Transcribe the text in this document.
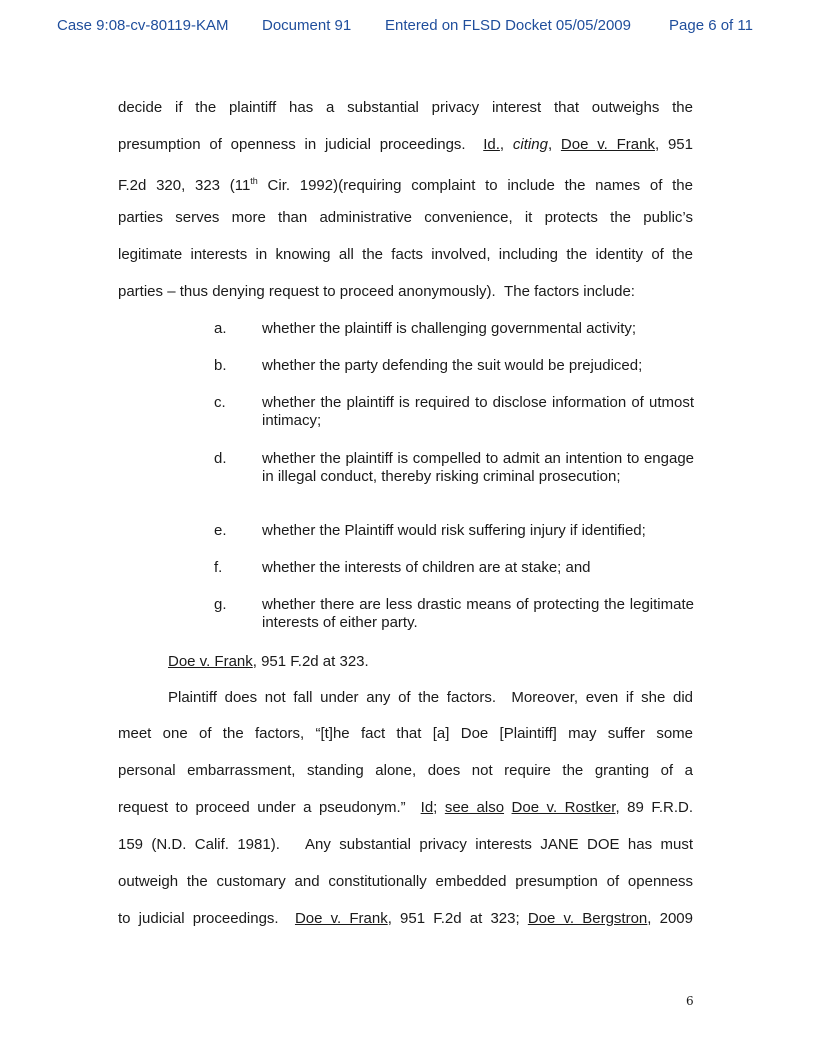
Case 9:08-cv-80119-KAM Document 91 Entered on FLSD Docket 05/05/2009	Page 6 of 11
decide if the plaintiff has a substantial privacy interest that outweighs the
presumption of openness in judicial proceedings.  Id., citing, Doe v. Frank, 951
F.2d 320, 323 (11th Cir. 1992)(requiring complaint to include the names of the
parties serves more than administrative convenience, it protects the public’s
legitimate interests in knowing all the facts involved, including the identity of the
parties – thus denying request to proceed anonymously).  The factors include:
a. whether the plaintiff is challenging governmental activity;
b. whether the party defending the suit would be prejudiced;
c. whether the plaintiff is required to disclose information of utmost intimacy;
d. whether the plaintiff is compelled to admit an intention to engage in illegal conduct, thereby risking criminal prosecution;
e. whether the Plaintiff would risk suffering injury if identified;
f.	whether the interests of children are at stake; and
g. whether there are less drastic means of protecting the legitimate interests of either party.
Doe v. Frank, 951 F.2d at 323.
Plaintiff does not fall under any of the factors.  Moreover, even if she did
meet one of the factors, “[t]he fact that [a] Doe [Plaintiff] may suffer some
personal embarrassment, standing alone, does not require the granting of a
request to proceed under a pseudonym.”  Id; see also Doe v. Rostker, 89 F.R.D.
159 (N.D. Calif. 1981).   Any substantial privacy interests JANE DOE has must
outweigh the customary and constitutionally embedded presumption of openness
to judicial proceedings.  Doe v. Frank, 951 F.2d at 323; Doe v. Bergstron, 2009
6
